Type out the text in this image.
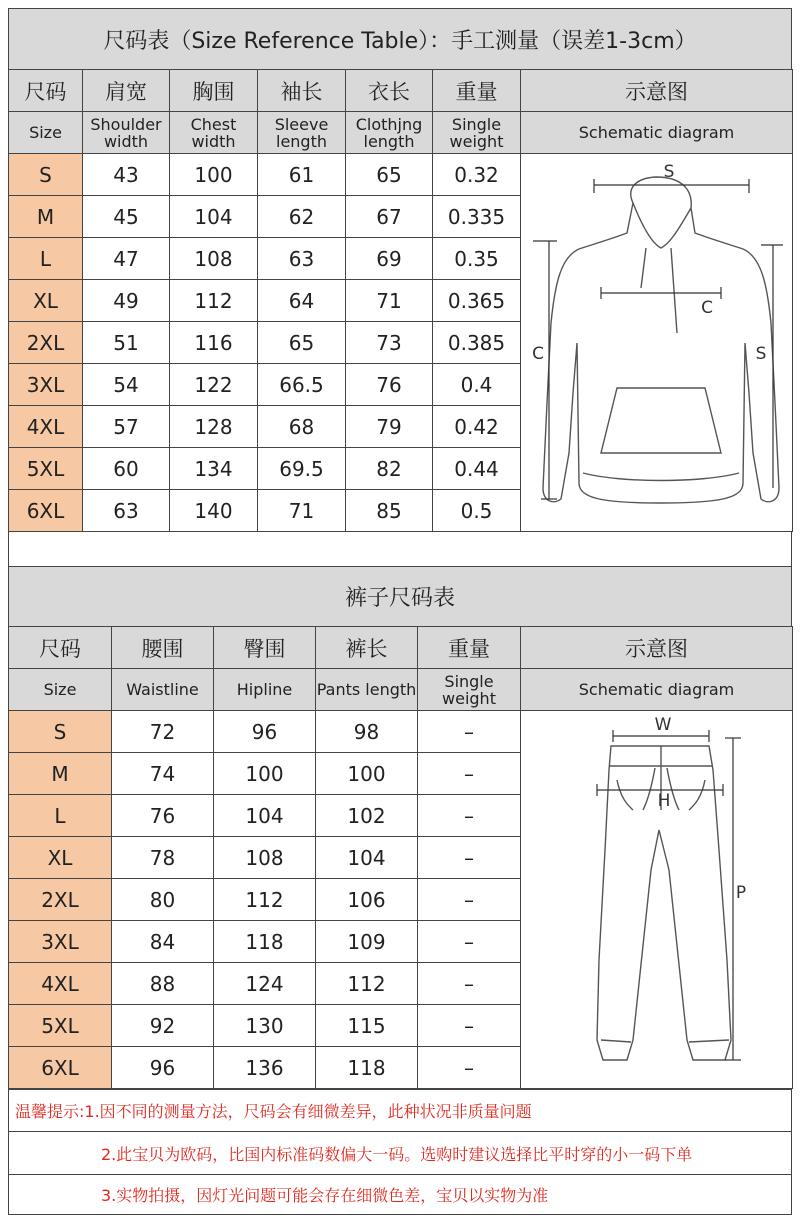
尺码表（Size Reference Table）：手工测量（误差1-3cm）
尺码	肩宽	胸围	袖长	衣长	重量	示意图
Size	Shoulder width	Chest width	Sleeve length	Clothjng length	Single weight	Schematic diagram
S	43	100	61	65	0.32	
M	45	104	62	67	0.335	
L	47	108	63	69	0.35	
XL	49	112	64	71	0.365	
2XL	51	116	65	73	0.385	
3XL	54	122	66.5	76	0.4	
4XL	57	128	68	79	0.42	
5XL	60	134	69.5	82	0.44	
6XL	63	140	71	85	0.5	
裤子尺码表
尺码	腰围	臀围	裤长	重量	示意图
Size	Waistline	Hipline	Pants length	Single weight	Schematic diagram
S	72	96	98	–	
M	74	100	100	–	
L	76	104	102	–	
XL	78	108	104	–	
2XL	80	112	106	–	
3XL	84	118	109	–	
4XL	88	124	112	–	
5XL	92	130	115	–	
6XL	96	136	118	–	
温馨提示:1.因不同的测量方法，尺码会有细微差异，此种状况非质量问题
2.此宝贝为欧码，比国内标准码数偏大一码。选购时建议选择比平时穿的小一码下单
3.实物拍摄，因灯光问题可能会存在细微色差，宝贝以实物为准
S
C
C	S
W
H
P
